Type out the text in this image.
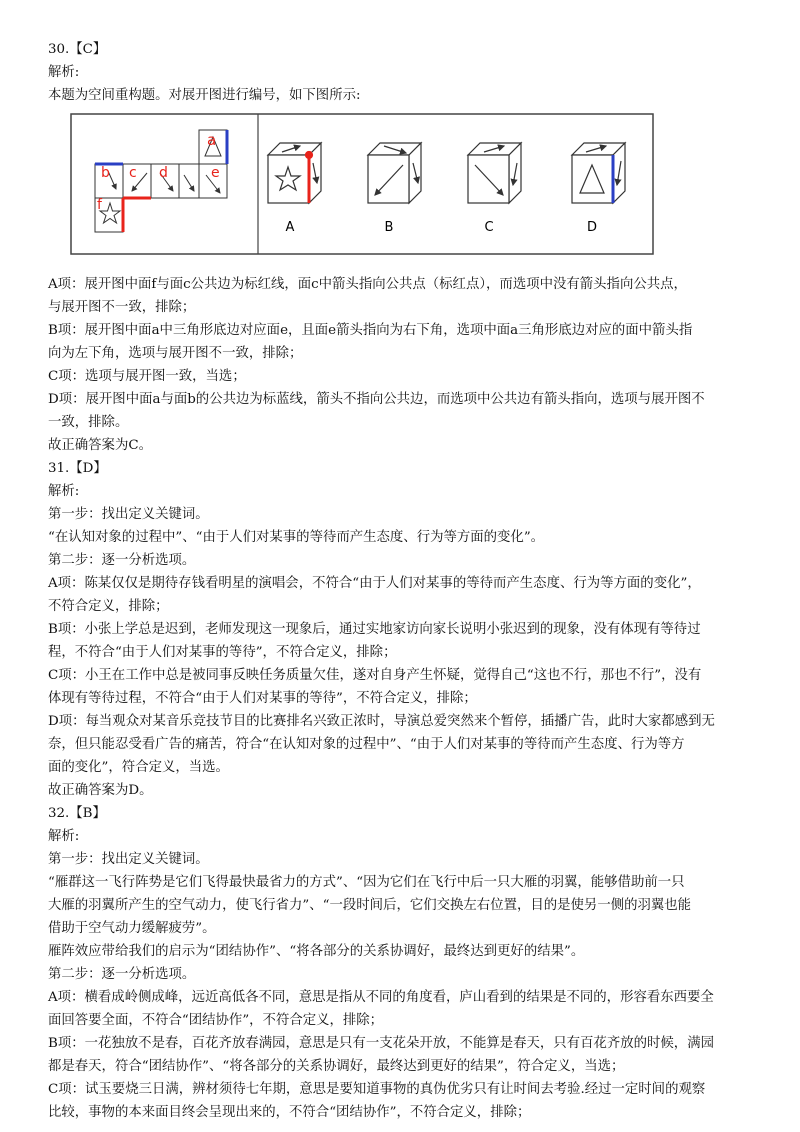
30.【C】

解析:

本题为空间重构题。对展开图进行编号，如下图所示:

a
b c d	e
f
A	B	C	D

A项：展开图中面f与面c公共边为标红线，面c中箭头指向公共点（标红点），而选项中没有箭头指向公共点，

与展开图不一致，排除；

B项：展开图中面a中三角形底边对应面e，且面e箭头指向为右下角，选项中面a三角形底边对应的面中箭头指

向为左下角，选项与展开图不一致，排除；

C项：选项与展开图一致，当选；

D项：展开图中面a与面b的公共边为标蓝线，箭头不指向公共边，而选项中公共边有箭头指向，选项与展开图不

一致，排除。

故正确答案为C。

31.【D】

解析:

第一步：找出定义关键词。

“在认知对象的过程中”、“由于人们对某事的等待而产生态度、行为等方面的变化”。

第二步：逐一分析选项。

A项：陈某仅仅是期待存钱看明星的演唱会，不符合“由于人们对某事的等待而产生态度、行为等方面的变化”，

不符合定义，排除；

B项：小张上学总是迟到，老师发现这一现象后，通过实地家访向家长说明小张迟到的现象，没有体现有等待过

程，不符合“由于人们对某事的等待”，不符合定义，排除；

C项：小王在工作中总是被同事反映任务质量欠佳，遂对自身产生怀疑，觉得自己“这也不行，那也不行”，没有

体现有等待过程，不符合“由于人们对某事的等待”，不符合定义，排除；

D项：每当观众对某音乐竞技节目的比赛排名兴致正浓时，导演总爱突然来个暂停，插播广告，此时大家都感到无

奈，但只能忍受看广告的痛苦，符合“在认知对象的过程中”、“由于人们对某事的等待而产生态度、行为等方

面的变化”，符合定义，当选。

故正确答案为D。

32.【B】

解析:

第一步：找出定义关键词。

“雁群这一飞行阵势是它们飞得最快最省力的方式”、“因为它们在飞行中后一只大雁的羽翼，能够借助前一只

大雁的羽翼所产生的空气动力，使飞行省力”、“一段时间后，它们交换左右位置，目的是使另一侧的羽翼也能

借助于空气动力缓解疲劳”。

雁阵效应带给我们的启示为“团结协作”、“将各部分的关系协调好，最终达到更好的结果”。

第二步：逐一分析选项。

A项：横看成岭侧成峰，远近高低各不同，意思是指从不同的角度看，庐山看到的结果是不同的，形容看东西要全

面回答要全面，不符合“团结协作”，不符合定义，排除；

B项：一花独放不是春，百花齐放春满园，意思是只有一支花朵开放，不能算是春天，只有百花齐放的时候，满园

都是春天，符合“团结协作”、“将各部分的关系协调好，最终达到更好的结果”，符合定义，当选；

C项：试玉要烧三日满，辨材须待七年期，意思是要知道事物的真伪优劣只有让时间去考验.经过一定时间的观察

比较，事物的本来面目终会呈现出来的，不符合“团结协作”，不符合定义，排除；
